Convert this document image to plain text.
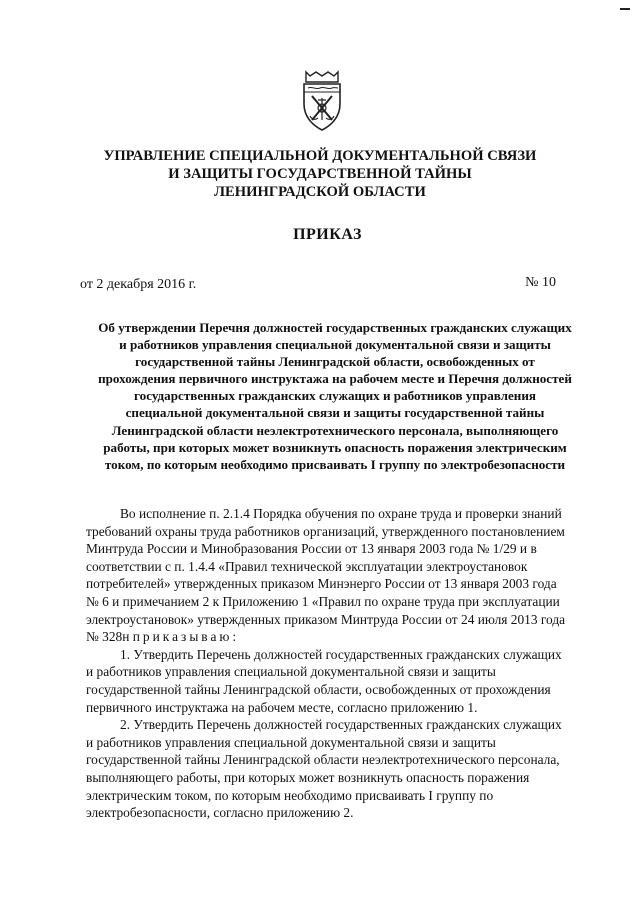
УПРАВЛЕНИЕ СПЕЦИАЛЬНОЙ ДОКУМЕНТАЛЬНОЙ СВЯЗИ
И ЗАЩИТЫ ГОСУДАРСТВЕННОЙ ТАЙНЫ
ЛЕНИНГРАДСКОЙ ОБЛАСТИ
ПРИКАЗ
от 2 декабря 2016 г.	№ 10
Об утверждении Перечня должностей государственных гражданских служащих
и работников управления специальной документальной связи и защиты
государственной тайны Ленинградской области, освобожденных от
прохождения первичного инструктажа на рабочем месте и Перечня должностей
государственных гражданских служащих и работников управления
специальной документальной связи и защиты государственной тайны
Ленинградской области неэлектротехнического персонала, выполняющего
работы, при которых может возникнуть опасность поражения электрическим
током, по которым необходимо присваивать I группу по электробезопасности
Во исполнение п. 2.1.4 Порядка обучения по охране труда и проверки знаний
требований охраны труда работников организаций, утвержденного постановлением
Минтруда России и Минобразования России от 13 января 2003 года № 1/29 и в
соответствии с п. 1.4.4 «Правил технической эксплуатации электроустановок
потребителей» утвержденных приказом Минэнерго России от 13 января 2003 года
№ 6 и примечанием 2 к Приложению 1 «Правил по охране труда при эксплуатации
электроустановок» утвержденных приказом Минтруда России от 24 июля 2013 года
№ 328н приказываю:
1. Утвердить Перечень должностей государственных гражданских служащих
и работников управления специальной документальной связи и защиты
государственной тайны Ленинградской области, освобожденных от прохождения
первичного инструктажа на рабочем месте, согласно приложению 1.
2. Утвердить Перечень должностей государственных гражданских служащих
и работников управления специальной документальной связи и защиты
государственной тайны Ленинградской области неэлектротехнического персонала,
выполняющего работы, при которых может возникнуть опасность поражения
электрическим током, по которым необходимо присваивать I группу по
электробезопасности, согласно приложению 2.
